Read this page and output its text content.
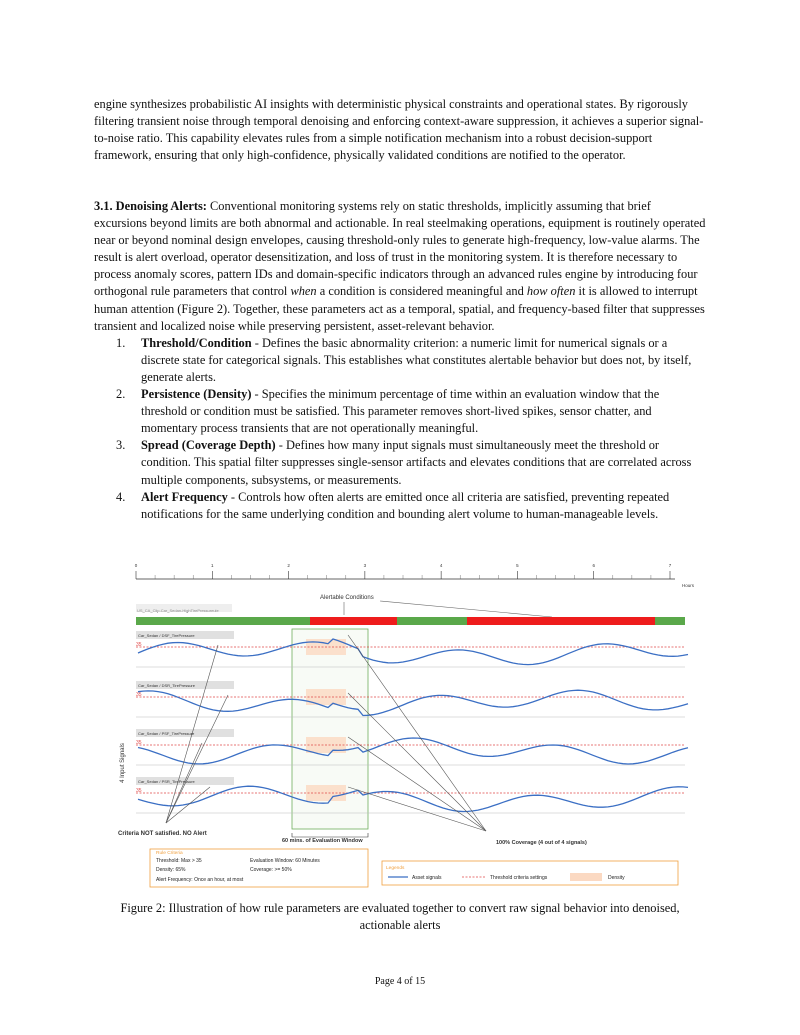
engine synthesizes probabilistic AI insights with deterministic physical constraints and operational states. By rigorously filtering transient noise through temporal denoising and enforcing context-aware suppression, it achieves a superior signal-to-noise ratio. This capability elevates rules from a simple notification mechanism into a robust decision-support framework, ensuring that only high-confidence, physically validated conditions are notified to the operator.

3.1. Denoising Alerts: Conventional monitoring systems rely on static thresholds, implicitly assuming that brief excursions beyond limits are both abnormal and actionable. In real steelmaking operations, equipment is routinely operated near or beyond nominal design envelopes, causing threshold-only rules to generate high-frequency, low-value alarms. The result is alert overload, operator desensitization, and loss of trust in the monitoring system. It is therefore necessary to process anomaly scores, pattern IDs and domain-specific indicators through an advanced rules engine by introducing four orthogonal rule parameters that control when a condition is considered meaningful and how often it is allowed to interrupt human attention (Figure 2). Together, these parameters act as a temporal, spatial, and frequency-based filter that suppresses transient and localized noise while preserving persistent, asset-relevant behavior.

1. Threshold/Condition - Defines the basic abnormality criterion: a numeric limit for numerical signals or a discrete state for categorical signals. This establishes what constitutes alertable behavior but does not, by itself, generate alerts.
2. Persistence (Density) - Specifies the minimum percentage of time within an evaluation window that the threshold or condition must be satisfied. This parameter removes short-lived spikes, sensor chatter, and momentary process transients that are not operationally meaningful.
3. Spread (Coverage Depth) - Defines how many input signals must simultaneously meet the threshold or condition. This spatial filter suppresses single-sensor artifacts and elevates conditions that are correlated across multiple components, subsystems, or measurements.
4. Alert Frequency - Controls how often alerts are emitted once all criteria are satisfied, preventing repeated notifications for the same underlying condition and bounding alert volume to human-manageable levels.
0	1	2	3	4	5	6	7
Hours
Alertable Conditions
4 Input Signals
Car_Sedan / DSF_TirePressure
35
Car_Sedan / DSR_TirePressure
35
Car_Sedan / PSF_TirePressure
35
Car_Sedan / PSR_TirePressure
35
Criteria NOT satisfied. NO Alert
60 mins. of Evaluation Window	100% Coverage (4 out of 4 signals)
Rule Criteria
Threshold: Max > 35
Density: 65%
Alert Frequency: Once an hour, at most
Evaluation Window: 60 Minutes
Coverage: >= 50%	Legends
Asset signals	Threshold criteria settings	Density
Figure 2: Illustration of how rule parameters are evaluated together to convert raw signal behavior into denoised, actionable alerts
Page 4 of 15
